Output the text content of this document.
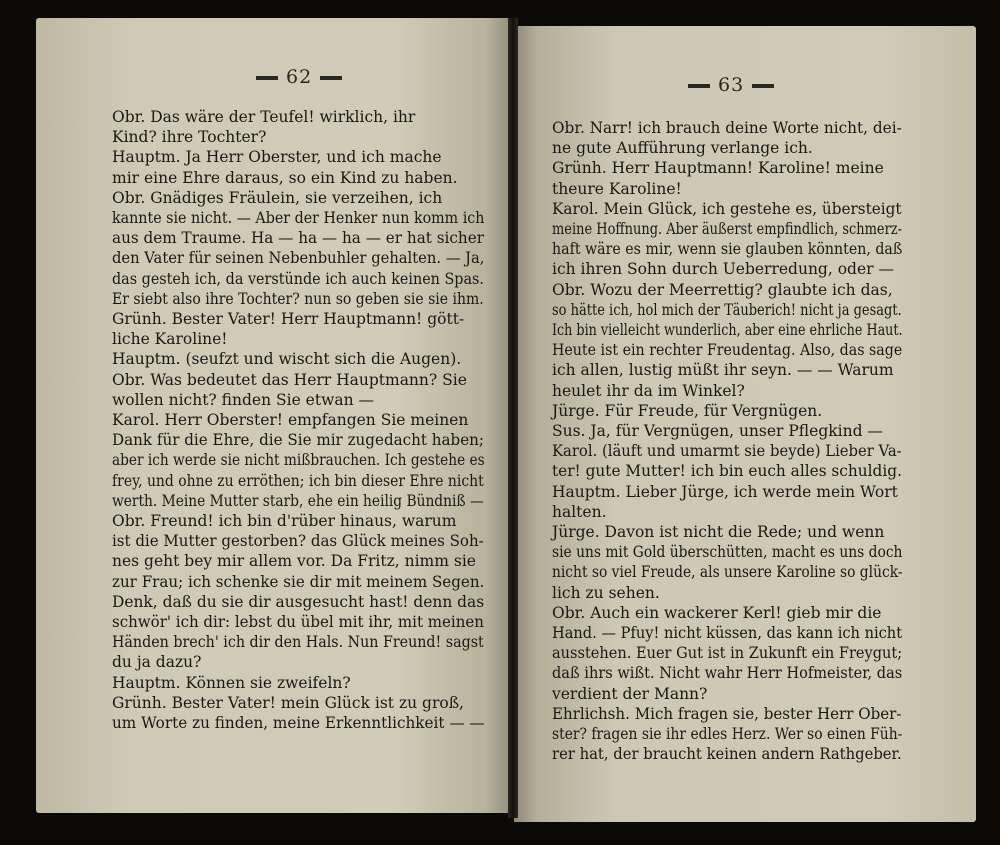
62	63
Obr. Das wäre der Teufel! wirklich, ihr
Kind? ihre Tochter?
Hauptm. Ja Herr Oberster, und ich mache
mir eine Ehre daraus, so ein Kind zu haben.
Obr. Gnädiges Fräulein, sie verzeihen, ich
kannte sie nicht. — Aber der Henker nun komm ich
aus dem Traume. Ha — ha — ha — er hat sicher
den Vater für seinen Nebenbuhler gehalten. — Ja,
das gesteh ich, da verstünde ich auch keinen Spas.
Er siebt also ihre Tochter? nun so geben sie sie ihm.
Grünh. Bester Vater! Herr Hauptmann! gött-
liche Karoline!
Hauptm. (seufzt und wischt sich die Augen).
Obr. Was bedeutet das Herr Hauptmann? Sie
wollen nicht? finden Sie etwan —
Karol. Herr Oberster! empfangen Sie meinen
Dank für die Ehre, die Sie mir zugedacht haben;
aber ich werde sie nicht mißbrauchen. Ich gestehe es
frey, und ohne zu erröthen; ich bin dieser Ehre nicht
werth. Meine Mutter starb, ehe ein heilig Bündniß —
Obr. Freund! ich bin d'rüber hinaus, warum
ist die Mutter gestorben? das Glück meines Soh-
nes geht bey mir allem vor. Da Fritz, nimm sie
zur Frau; ich schenke sie dir mit meinem Segen.
Denk, daß du sie dir ausgesucht hast! denn das
schwör' ich dir: lebst du übel mit ihr, mit meinen
Händen brech' ich dir den Hals. Nun Freund! sagst
du ja dazu?
Hauptm. Können sie zweifeln?
Grünh. Bester Vater! mein Glück ist zu groß,
um Worte zu finden, meine Erkenntlichkeit — —
Obr. Narr! ich brauch deine Worte nicht, dei-
ne gute Aufführung verlange ich.
Grünh. Herr Hauptmann! Karoline! meine
theure Karoline!
Karol. Mein Glück, ich gestehe es, übersteigt
meine Hoffnung. Aber äußerst empfindlich, schmerz-
haft wäre es mir, wenn sie glauben könnten, daß
ich ihren Sohn durch Ueberredung, oder —
Obr. Wozu der Meerrettig? glaubte ich das,
so hätte ich, hol mich der Täuberich! nicht ja gesagt.
Ich bin vielleicht wunderlich, aber eine ehrliche Haut.
Heute ist ein rechter Freudentag. Also, das sage
ich allen, lustig müßt ihr seyn. — — Warum
heulet ihr da im Winkel?
Jürge. Für Freude, für Vergnügen.
Sus. Ja, für Vergnügen, unser Pflegkind —
Karol. (läuft und umarmt sie beyde) Lieber Va-
ter! gute Mutter! ich bin euch alles schuldig.
Hauptm. Lieber Jürge, ich werde mein Wort
halten.
Jürge. Davon ist nicht die Rede; und wenn
sie uns mit Gold überschütten, macht es uns doch
nicht so viel Freude, als unsere Karoline so glück-
lich zu sehen.
Obr. Auch ein wackerer Kerl! gieb mir die
Hand. — Pfuy! nicht küssen, das kann ich nicht
ausstehen. Euer Gut ist in Zukunft ein Freygut;
daß ihrs wißt. Nicht wahr Herr Hofmeister, das
verdient der Mann?
Ehrlichsh. Mich fragen sie, bester Herr Ober-
ster? fragen sie ihr edles Herz. Wer so einen Füh-
rer hat, der braucht keinen andern Rathgeber.
